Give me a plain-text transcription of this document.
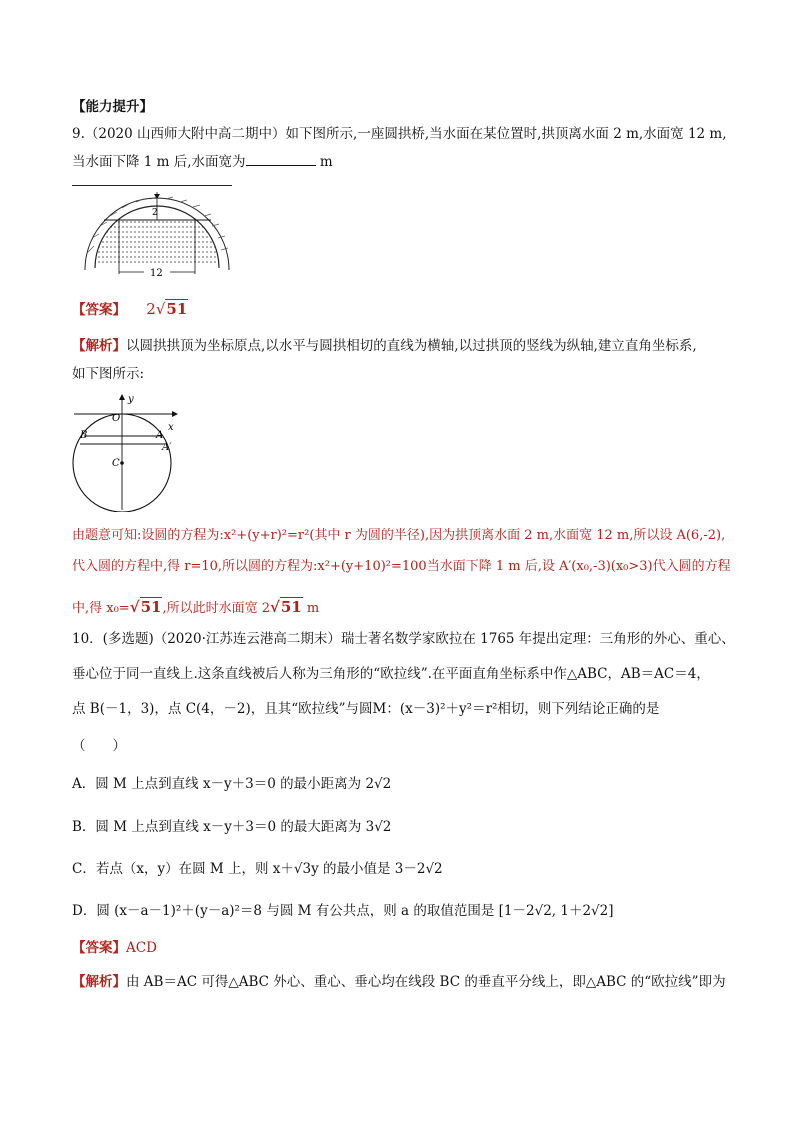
【能力提升】
9.（2020 山西师大附中高二期中）如下图所示,一座圆拱桥,当水面在某位置时,拱顶离水面 2 m,水面宽 12 m,
当水面下降 1 m 后,水面宽为	m
2
12
【答案】 2√51
【解析】以圆拱拱顶为坐标原点,以水平与圆拱相切的直线为横轴,以过拱顶的竖线为纵轴,建立直角坐标系,
如下图所示:
y
O
x
B	A
A′
C
由题意可知:设圆的方程为:x²+(y+r)²=r²(其中 r 为圆的半径),因为拱顶离水面 2 m,水面宽 12 m,所以设 A(6,-2),
代入圆的方程中,得 r=10,所以圆的方程为:x²+(y+10)²=100当水面下降 1 m 后,设 A′(x₀,-3)(x₀>3)代入圆的方程
中,得 x₀=√51,所以此时水面宽 2√51 m
10．(多选题)（2020·江苏连云港高二期末）瑞士著名数学家欧拉在 1765 年提出定理：三角形的外心、重心、
垂心位于同一直线上.这条直线被后人称为三角形的“欧拉线”.在平面直角坐标系中作△ABC，AB＝AC＝4，
点 B(－1，3)，点 C(4，－2)，且其“欧拉线”与圆M：(x－3)²＋y²＝r²相切，则下列结论正确的是
（　　）
A．圆 M 上点到直线 x－y＋3＝0 的最小距离为 2√2
B．圆 M 上点到直线 x－y＋3＝0 的最大距离为 3√2
C．若点（x，y）在圆 M 上，则 x＋√3y 的最小值是 3－2√2
D．圆 (x－a－1)²＋(y－a)²＝8 与圆 M 有公共点，则 a 的取值范围是 [1－2√2, 1＋2√2]
【答案】ACD
【解析】由 AB＝AC 可得△ABC 外心、重心、垂心均在线段 BC 的垂直平分线上，即△ABC 的“欧拉线”即为
